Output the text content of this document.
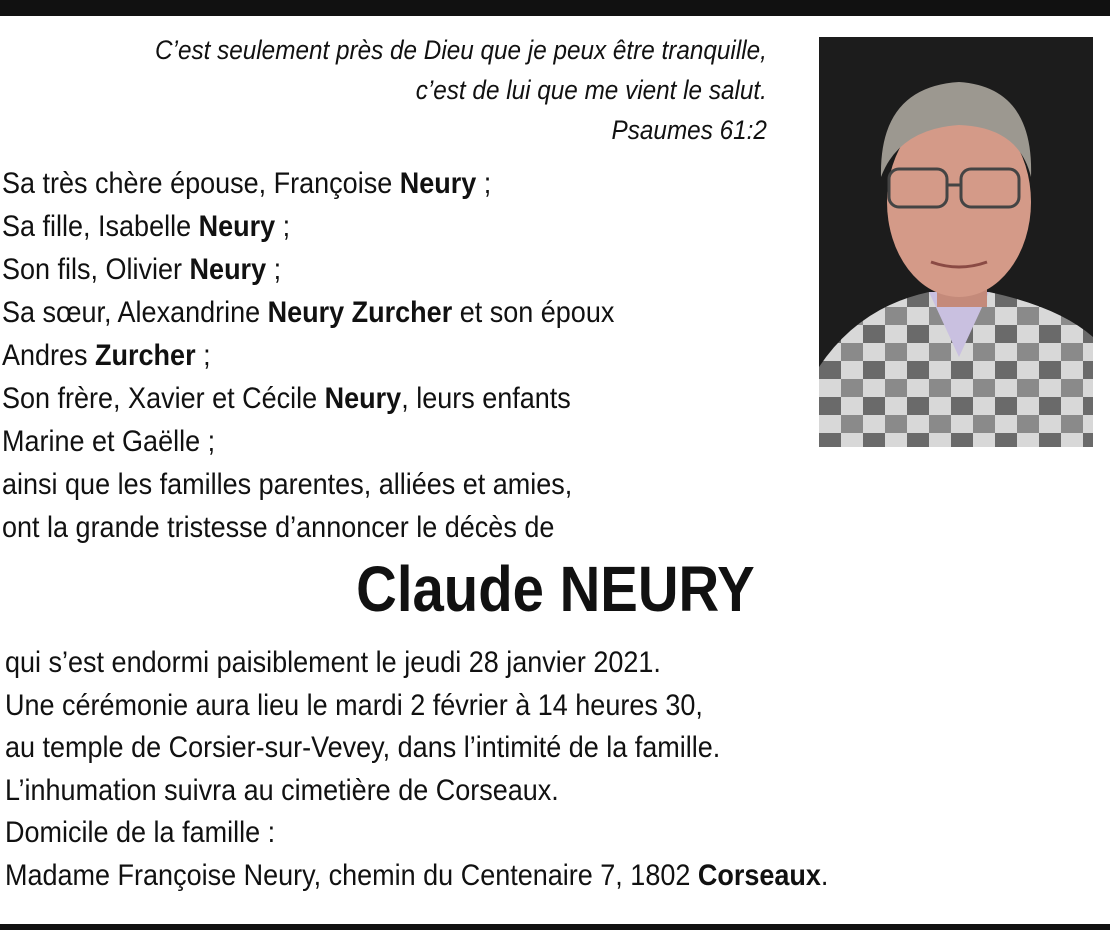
C’est seulement près de Dieu que je peux être tranquille,
c’est de lui que me vient le salut.
Psaumes 61:2
Sa très chère épouse, Françoise Neury ;
Sa fille, Isabelle Neury ;
Son fils, Olivier Neury ;
Sa sœur, Alexandrine Neury Zurcher et son époux
Andres Zurcher ;
Son frère, Xavier et Cécile Neury, leurs enfants
Marine et Gaëlle ;
ainsi que les familles parentes, alliées et amies,
ont la grande tristesse d’annoncer le décès de
Claude NEURY
qui s’est endormi paisiblement le jeudi 28 janvier 2021.
Une cérémonie aura lieu le mardi 2 février à 14 heures 30,
au temple de Corsier-sur-Vevey, dans l’intimité de la famille.
L’inhumation suivra au cimetière de Corseaux.
Domicile de la famille :
Madame Françoise Neury, chemin du Centenaire 7, 1802 Corseaux.
